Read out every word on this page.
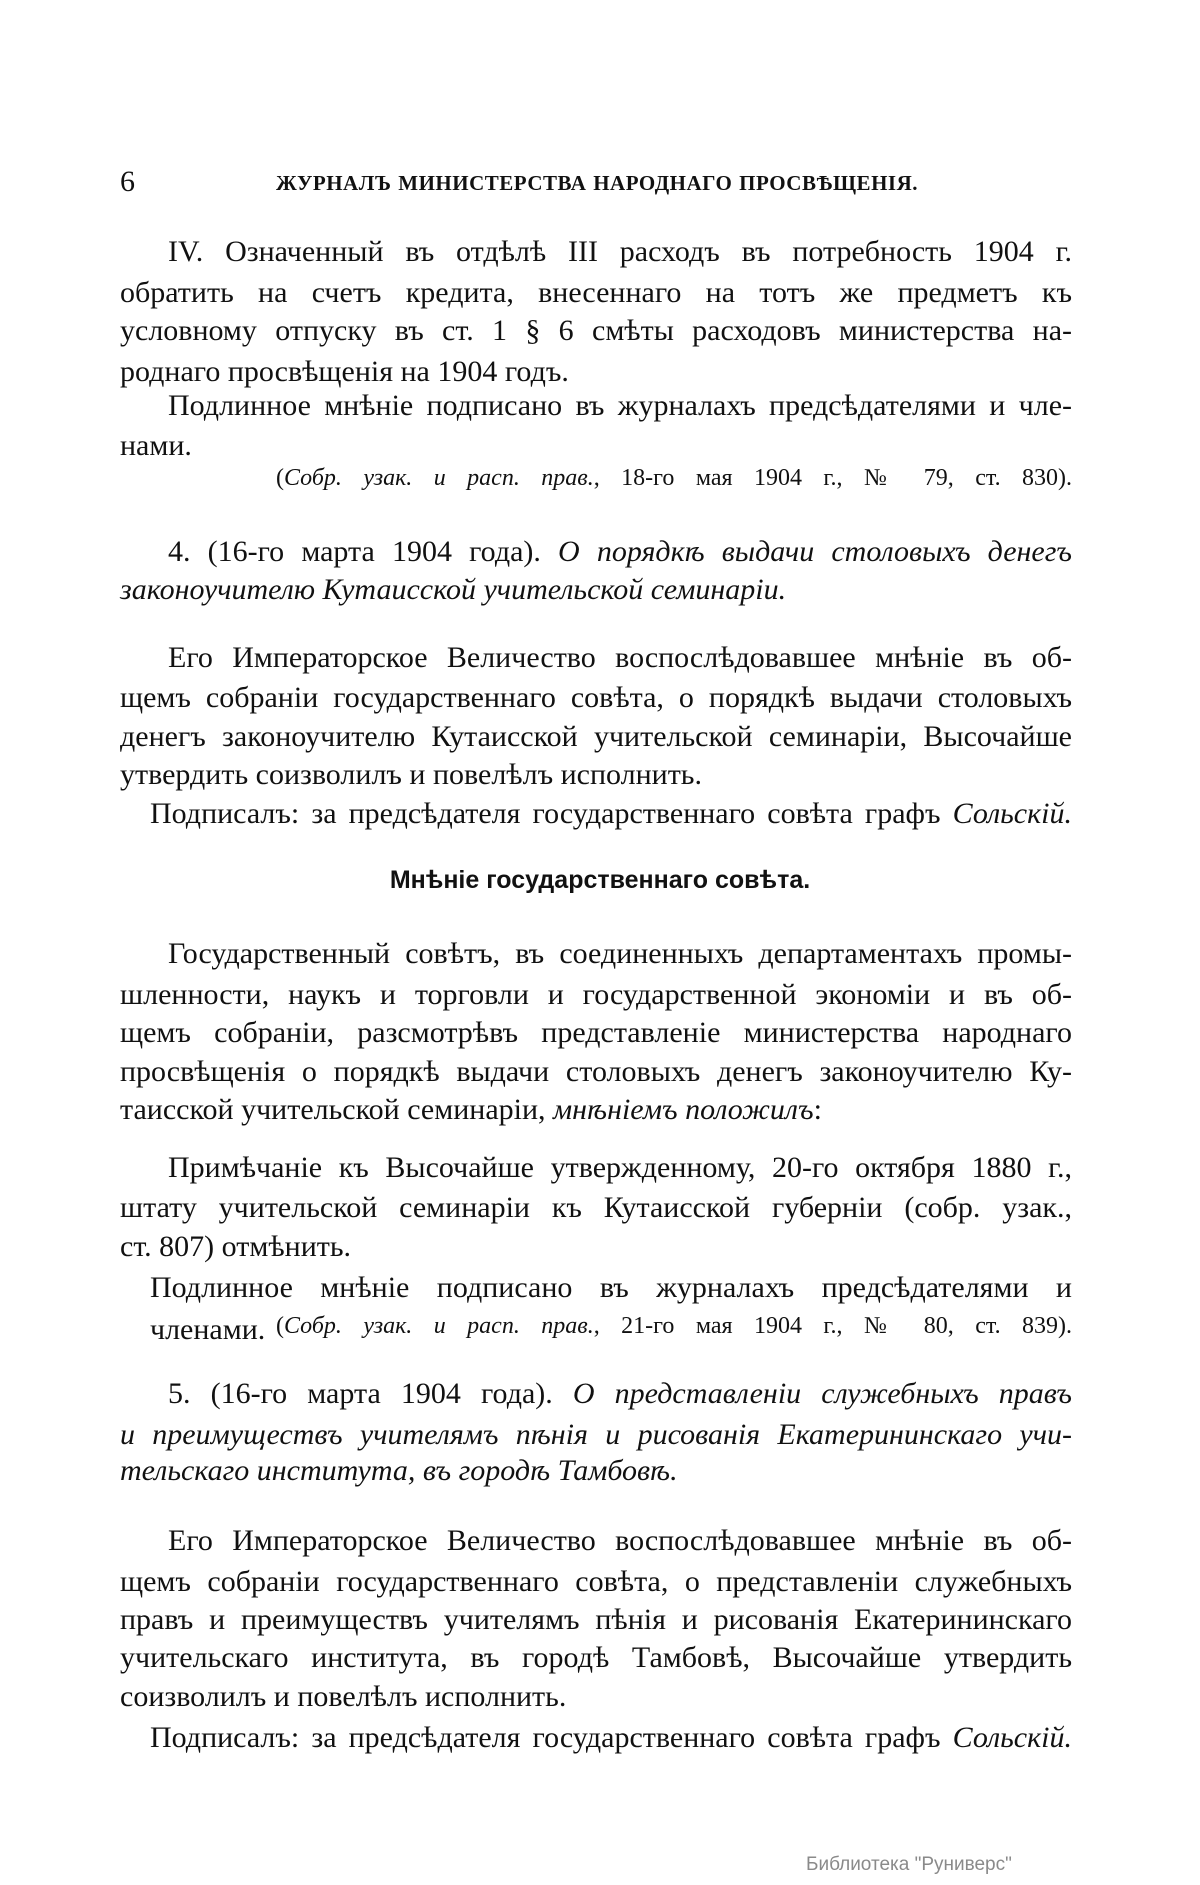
6	ЖУРНАЛЪ МИНИСТЕРСТВА НАРОДНАГО ПРОСВѢЩЕНІЯ.
IV. Означенный въ отдѣлѣ III расходъ въ потребность 1904 г.
обратить на счетъ кредита, внесеннаго на тотъ же предметъ къ
условному отпуску въ ст. 1 § 6 смѣты расходовъ министерства на-
роднаго просвѣщенія на 1904 годъ.
Подлинное мнѣніе подписано въ журналахъ предсѣдателями и чле-
нами.
(Собр. узак. и расп. прав., 18-го мая 1904 г., № 79, ст. 830).
4. (16-го марта 1904 года). О порядкѣ выдачи столовыхъ денегъ
законоучителю Кутаисской учительской семинаріи.
Его Императорское Величество воспослѣдовавшее мнѣніе въ об-
щемъ собраніи государственнаго совѣта, о порядкѣ выдачи столовыхъ
денегъ законоучителю Кутаисской учительской семинаріи, Высочайше
утвердить соизволилъ и повелѣлъ исполнить.
Подписалъ: за предсѣдателя государственнаго совѣта графъ Сольскій.
Мнѣніе государственнаго совѣта.
Государственный совѣтъ, въ соединенныхъ департаментахъ промы-
шленности, наукъ и торговли и государственной экономіи и въ об-
щемъ собраніи, разсмотрѣвъ представленіе министерства народнаго
просвѣщенія о порядкѣ выдачи столовыхъ денегъ законоучителю Ку-
таисской учительской семинаріи, мнѣніемъ положилъ:
Примѣчаніе къ Высочайше утвержденному, 20-го октября 1880 г.,
штату учительской семинаріи къ Кутаисской губерніи (собр. узак.,
ст. 807) отмѣнить.
Подлинное мнѣніе подписано въ журналахъ предсѣдателями и членами. (Собр. узак. и расп. прав., 21-го мая 1904 г., № 80, ст. 839).
5. (16-го марта 1904 года). О представленіи служебныхъ правъ
и преимуществъ учителямъ пѣнія и рисованія Екатерининскаго учи-
тельскаго института, въ городѣ Тамбовѣ.
Его Императорское Величество воспослѣдовавшее мнѣніе въ об-
щемъ собраніи государственнаго совѣта, о представленіи служебныхъ
правъ и преимуществъ учителямъ пѣнія и рисованія Екатерининскаго
учительскаго института, въ городѣ Тамбовѣ, Высочайше утвердить
соизволилъ и повелѣлъ исполнить.
Подписалъ: за предсѣдателя государственнаго совѣта графъ Сольскій.
Библиотека "Руниверс"
